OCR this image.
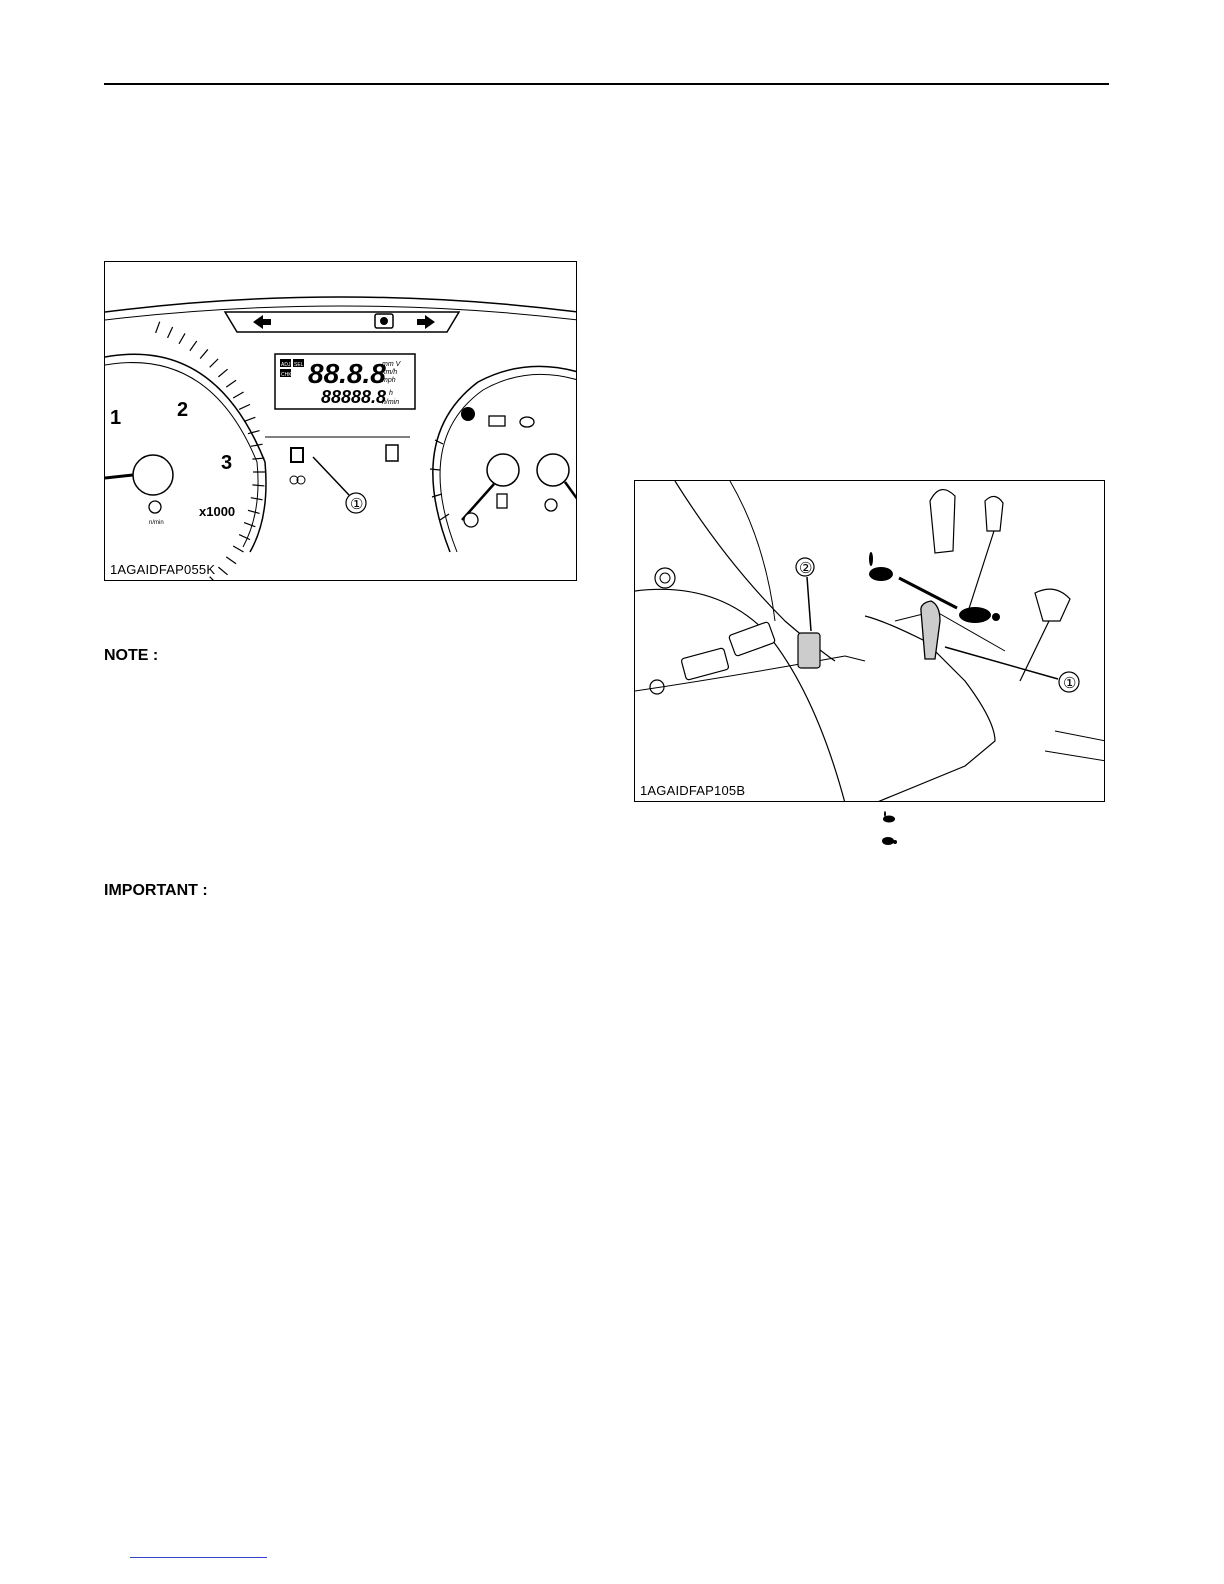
1	2
3
x1000
n/min
ADJ SEL
CHK 88.8.8
mm V
km/h
mph
88888.8 h
n/min
①
1AGAIDFAP055K
NOTE :
IMPORTANT :
②
①
1AGAIDFAP105B
